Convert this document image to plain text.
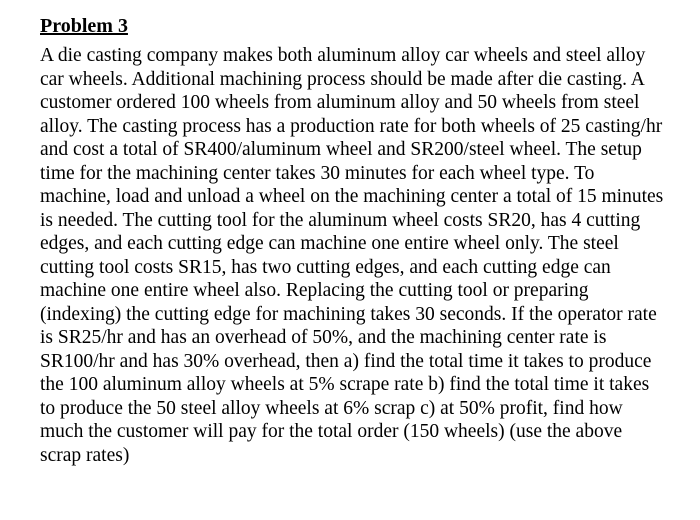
Problem 3

A die casting company makes both aluminum alloy car wheels and steel alloy car wheels. Additional machining process should be made after die casting. A customer ordered 100 wheels from aluminum alloy and 50 wheels from steel alloy. The casting process has a production rate for both wheels of 25 casting/hr and cost a total of SR400/aluminum wheel and SR200/steel wheel. The setup time for the machining center takes 30 minutes for each wheel type. To machine, load and unload a wheel on the machining center a total of 15 minutes is needed. The cutting tool for the aluminum wheel costs SR20, has 4 cutting edges, and each cutting edge can machine one entire wheel only. The steel cutting tool costs SR15, has two cutting edges, and each cutting edge can machine one entire wheel also. Replacing the cutting tool or preparing (indexing) the cutting edge for machining takes 30 seconds. If the operator rate is SR25/hr and has an overhead of 50%, and the machining center rate is SR100/hr and has 30% overhead, then a) find the total time it takes to produce the 100 aluminum alloy wheels at 5% scrape rate b) find the total time it takes to produce the 50 steel alloy wheels at 6% scrap c) at 50% profit, find how much the customer will pay for the total order (150 wheels) (use the above scrap rates)
